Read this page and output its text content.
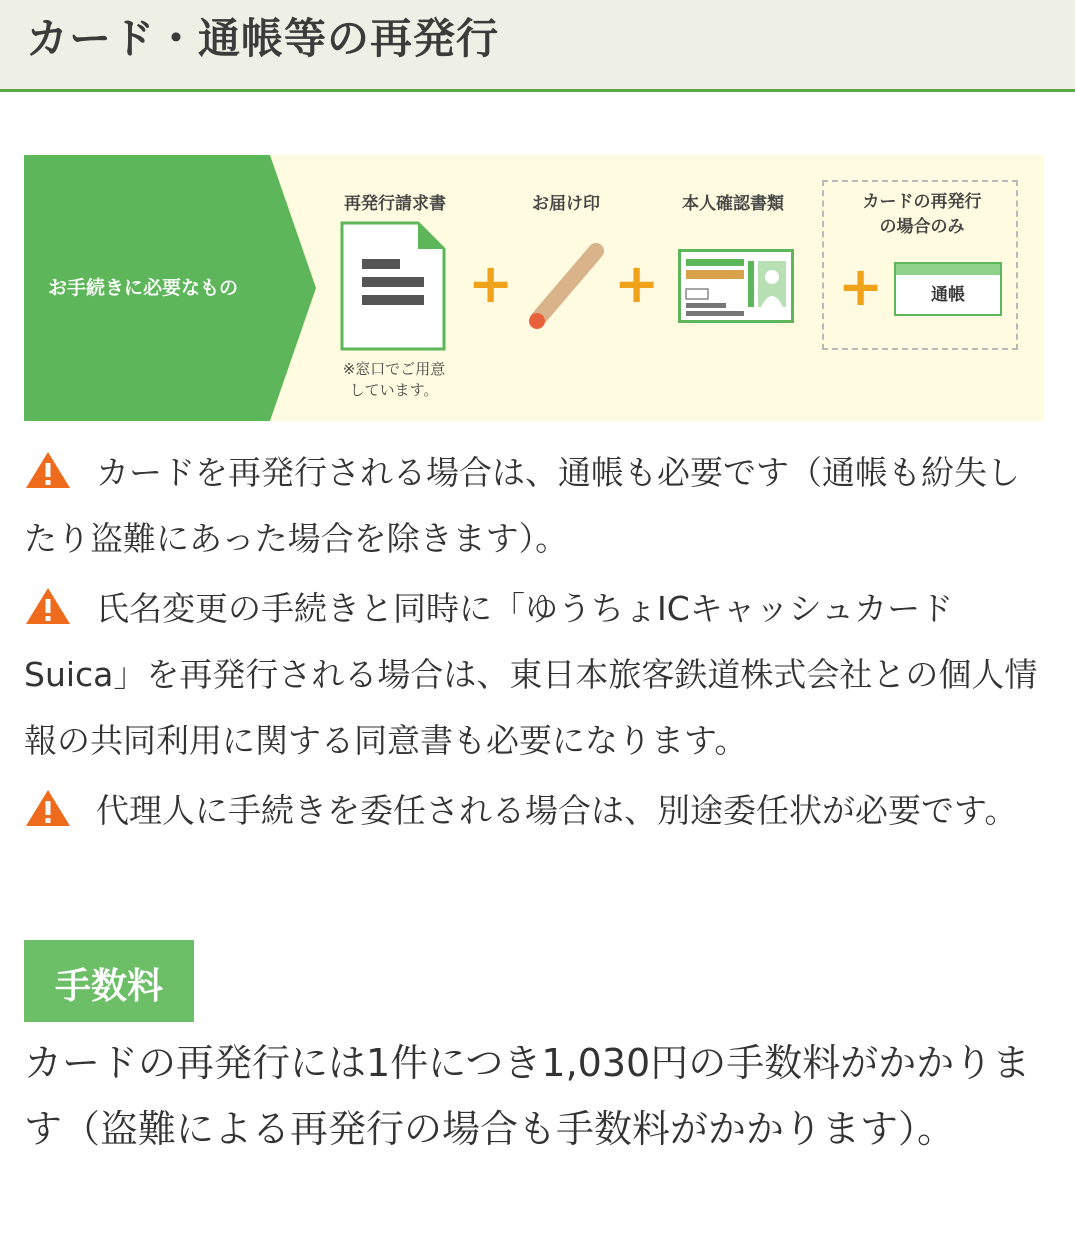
カード・通帳等の再発行
お手続きに必要なもの
再発行請求書
※窓口でご用意
しています。
+
お届け印
+
本人確認書類	カードの再発行
の場合のみ
+	通帳

カードを再発行される場合は、通帳も必要です（通帳も紛失したり盗難にあった場合を除きます）。

氏名変更の手続きと同時に「ゆうちょICキャッシュカード Suica」を再発行される場合は、東日本旅客鉄道株式会社との個人情報の共同利用に関する同意書も必要になります。

代理人に手続きを委任される場合は、別途委任状が必要です。

手数料

カードの再発行には1件につき1,030円の手数料がかかります（盗難による再発行の場合も手数料がかかります）。
